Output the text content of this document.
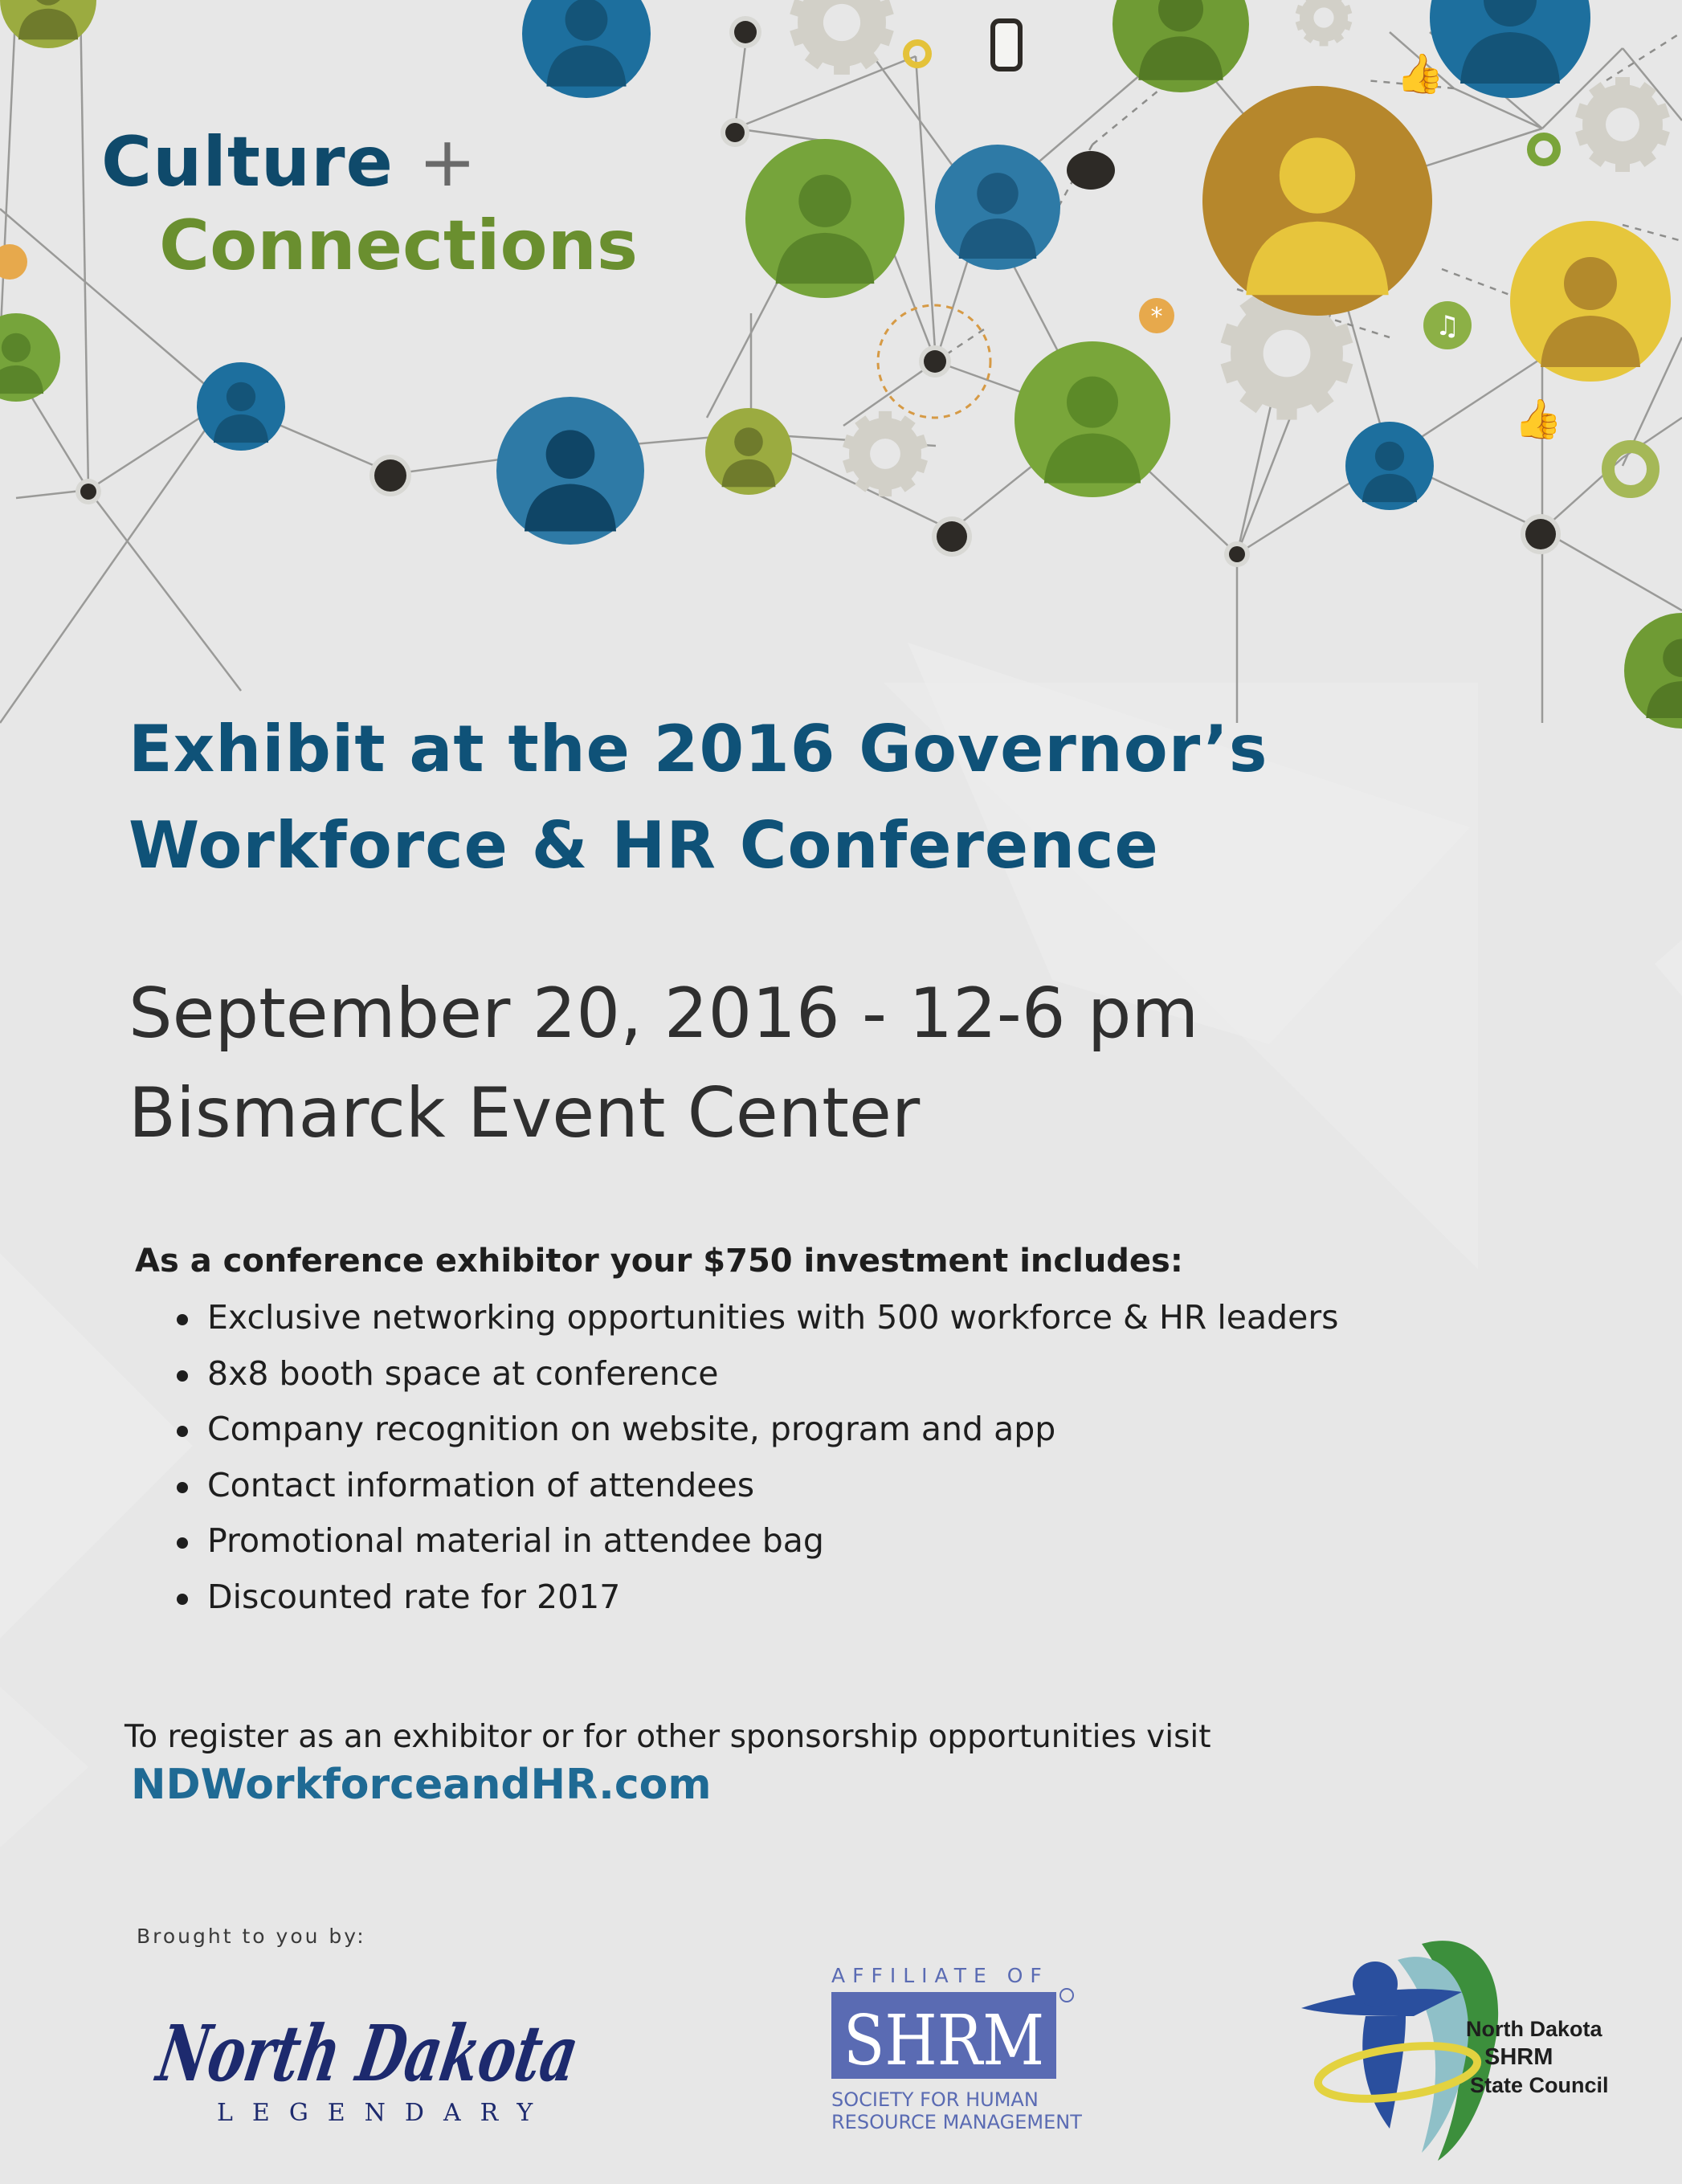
*	♫
👍
👍
Culture +
Connections
Exhibit at the 2016 Governor’s
Workforce & HR Conference
September 20, 2016 - 12-6 pm
Bismarck Event Center
As a conference exhibitor your $750 investment includes:
Exclusive networking opportunities with 500 workforce & HR leaders
8x8 booth space at conference
Company recognition on website, program and app
Contact information of attendees
Promotional material in attendee bag
Discounted rate for 2017
To register as an exhibitor or for other sponsorship opportunities visit
NDWorkforceandHR.com
Brought to you by:
North Dakota
LEGENDARY
AFFILIATE OF
SHRM
SOCIETY FOR HUMAN
RESOURCE MANAGEMENT
North Dakota
SHRM
State Council
